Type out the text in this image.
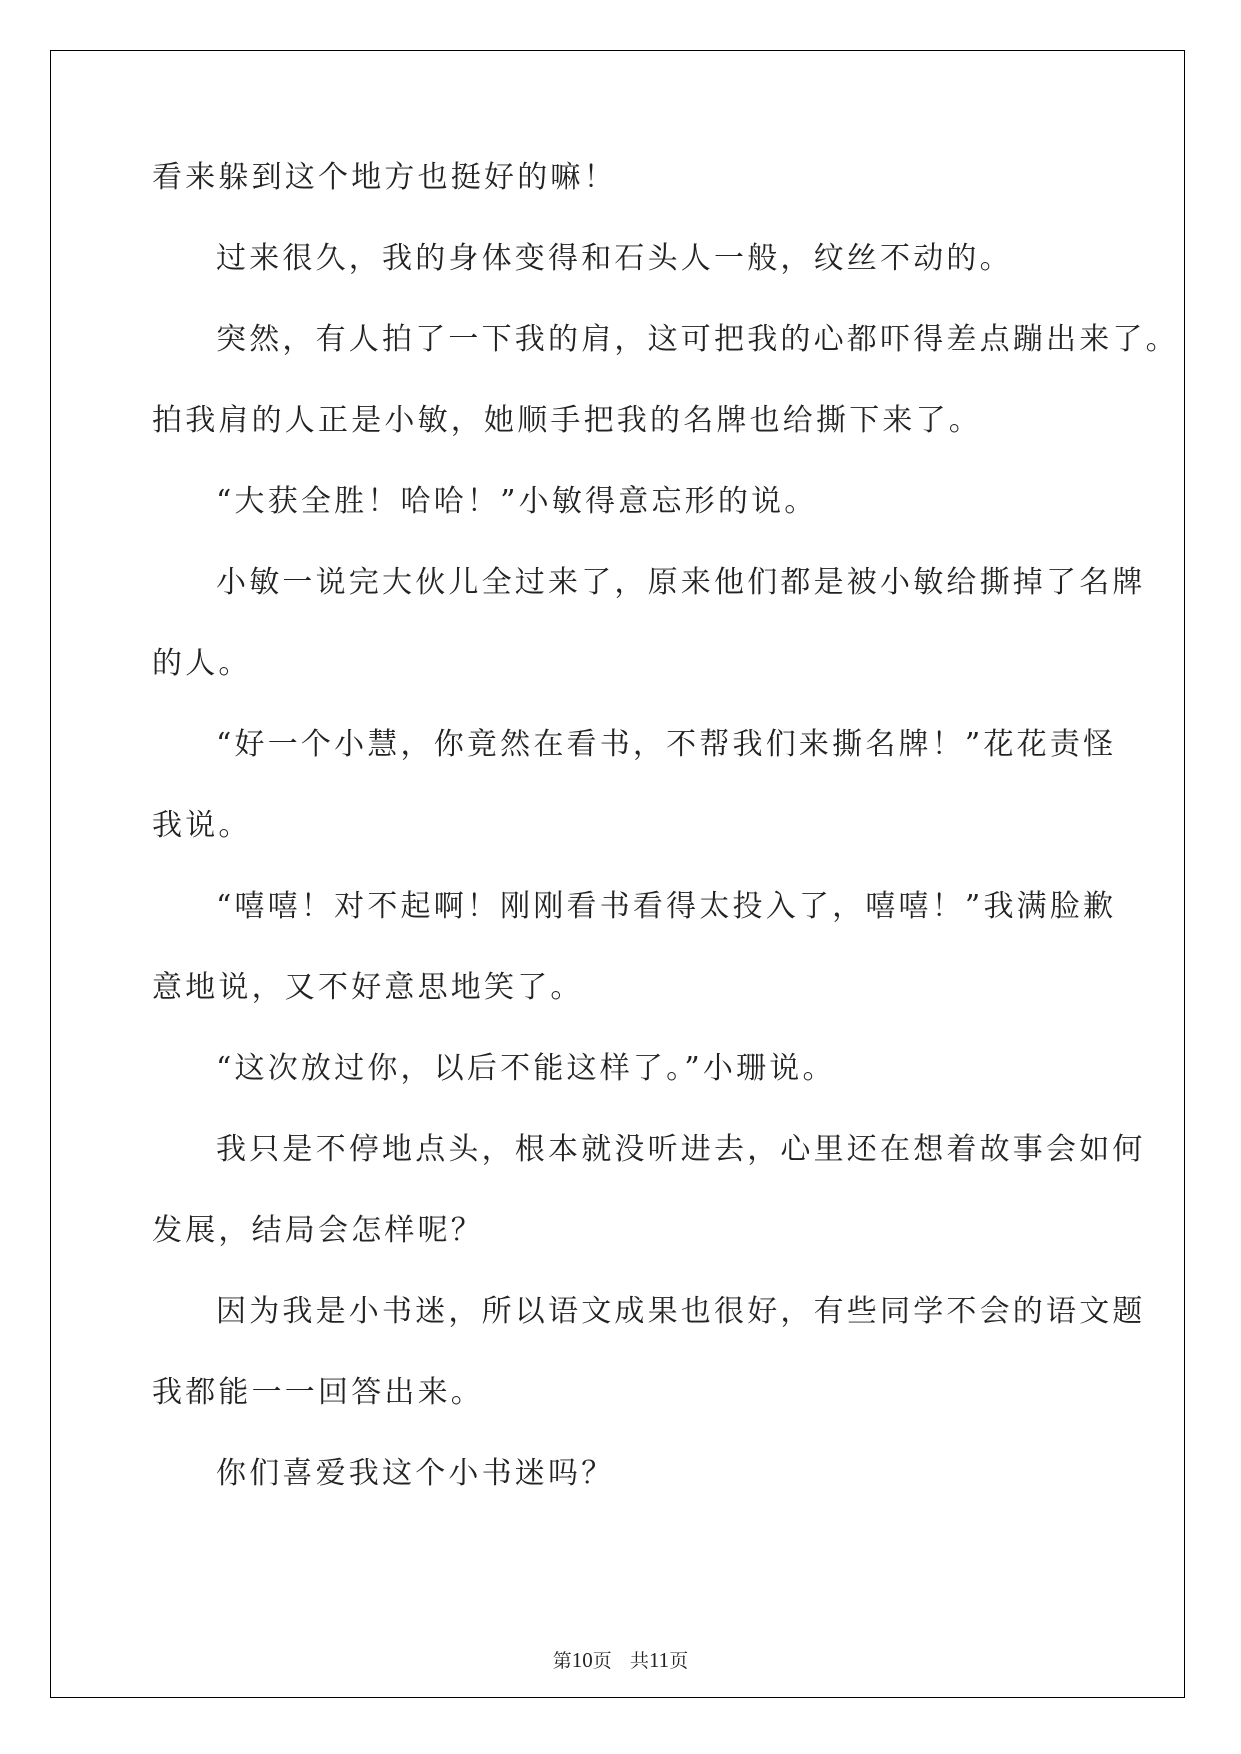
看来躲到这个地方也挺好的嘛！
过来很久，我的身体变得和石头人一般，纹丝不动的。
突然，有人拍了一下我的肩，这可把我的心都吓得差点蹦出来了。
拍我肩的人正是小敏，她顺手把我的名牌也给撕下来了。
“大获全胜！哈哈！”小敏得意忘形的说。
小敏一说完大伙儿全过来了，原来他们都是被小敏给撕掉了名牌
的人。
“好一个小慧，你竟然在看书，不帮我们来撕名牌！”花花责怪
我说。
“嘻嘻！对不起啊！刚刚看书看得太投入了，嘻嘻！”我满脸歉
意地说，又不好意思地笑了。
“这次放过你，以后不能这样了。”小珊说。
我只是不停地点头，根本就没听进去，心里还在想着故事会如何
发展，结局会怎样呢？
因为我是小书迷，所以语文成果也很好，有些同学不会的语文题
我都能一一回答出来。
你们喜爱我这个小书迷吗？
第10页 共11页
